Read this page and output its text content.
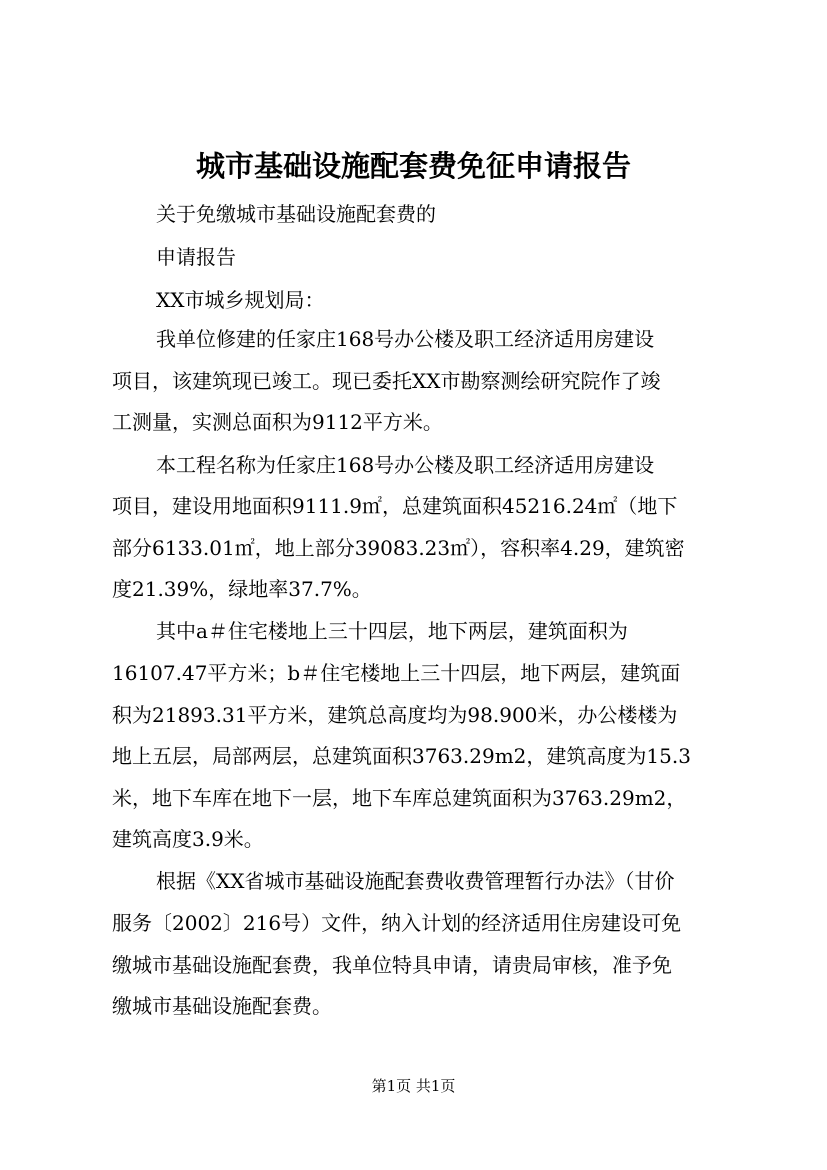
城市基础设施配套费免征申请报告

关于免缴城市基础设施配套费的

申请报告

XX市城乡规划局：

我单位修建的任家庄168号办公楼及职工经济适用房建设

项目，该建筑现已竣工。现已委托XX市勘察测绘研究院作了竣

工测量，实测总面积为9112平方米。

本工程名称为任家庄168号办公楼及职工经济适用房建设

项目，建设用地面积9111.9㎡，总建筑面积45216.24㎡（地下

部分6133.01㎡，地上部分39083.23㎡），容积率4.29，建筑密

度21.39%，绿地率37.7%。

其中a＃住宅楼地上三十四层，地下两层，建筑面积为

16107.47平方米；b＃住宅楼地上三十四层，地下两层，建筑面

积为21893.31平方米，建筑总高度均为98.900米，办公楼楼为

地上五层，局部两层，总建筑面积3763.29m2，建筑高度为15.3

米，地下车库在地下一层，地下车库总建筑面积为3763.29m2，

建筑高度3.9米。

根据《XX省城市基础设施配套费收费管理暂行办法》（甘价

服务〔2002〕216号）文件，纳入计划的经济适用住房建设可免

缴城市基础设施配套费，我单位特具申请，请贵局审核，准予免

缴城市基础设施配套费。

第1页 共1页
